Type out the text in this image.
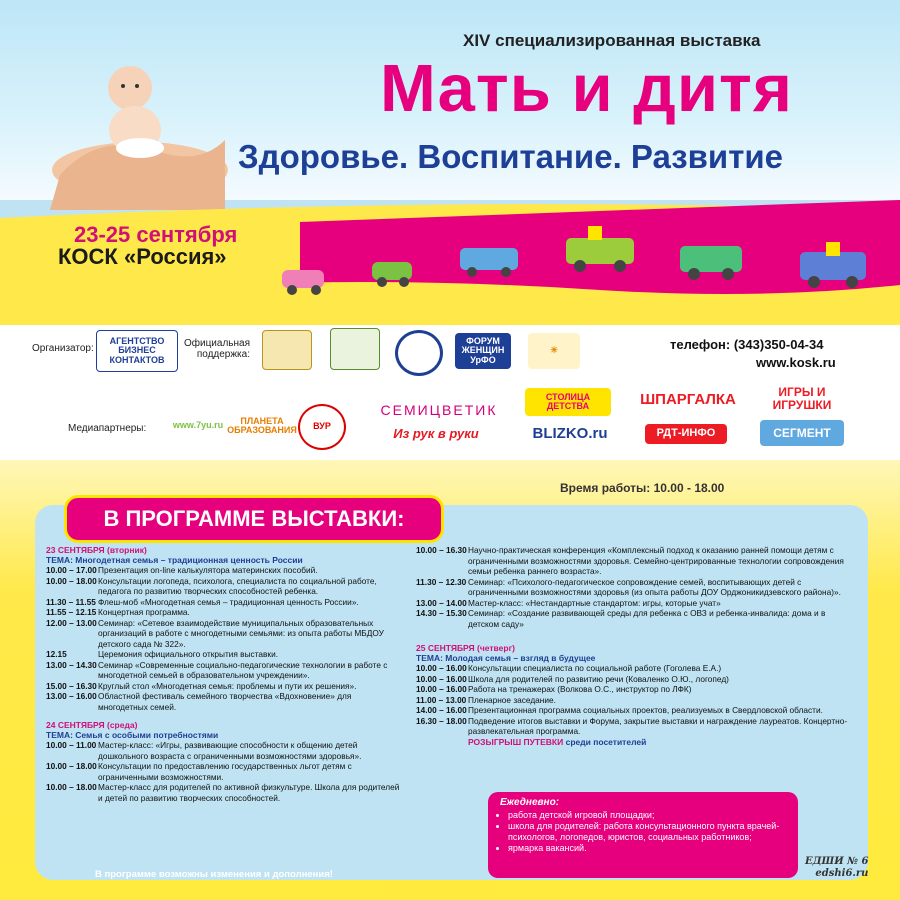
XIV специализированная выставка
Мать и дитя
Здоровье. Воспитание. Развитие
23-25 сентября
КОСК «Россия»
Организатор:
АГЕНТСТВО БИЗНЕС КОНТАКТОВ
Официальная поддержка:
ФОРУМ ЖЕНЩИН УрФО
☀	телефон: (343)350-04-34
www.kosk.ru
Медиапартнеры:	www.7yu.ru	ПЛАНЕТА ОБРАЗОВАНИЯ	ВУР
СЕМИЦВЕТИК
Из рук в руки
СТОЛИЦА ДЕТСТВА
BLIZKO.ru
ШПАРГАЛКА
РДТ-ИНФО
ИГРЫ И ИГРУШКИ
СЕГМЕНТ
Время работы: 10.00 - 18.00
В ПРОГРАММЕ ВЫСТАВКИ:
23 СЕНТЯБРЯ (вторник)
ТЕМА: Многодетная семья – традиционная ценность России
10.00 – 17.00 Презентация on-line калькулятора материнских пособий.
10.00 – 18.00 Консультации логопеда, психолога, специалиста по социальной работе, педагога по развитию творческих способностей ребенка.
11.30 – 11.55 Флеш-моб «Многодетная семья – традиционная ценность России».
11.55 – 12.15 Концертная программа.
12.00 – 13.00 Семинар: «Сетевое взаимодействие муниципальных образовательных организаций в работе с многодетными семьями: из опыта работы МБДОУ детского сада № 322».
12.15	Церемония официального открытия выставки.
13.00 – 14.30 Семинар «Современные социально-педагогические технологии в работе с многодетной семьей в образовательном учреждении».
15.00 – 16.30 Круглый стол «Многодетная семья: проблемы и пути их решения».
13.00 – 16.00 Областной фестиваль семейного творчества «Вдохновение» для многодетных семей.
24 СЕНТЯБРЯ (среда)
ТЕМА: Семья с особыми потребностями
10.00 – 11.00 Мастер-класс: «Игры, развивающие способности к общению детей дошкольного возраста с ограниченными возможностями здоровья».
10.00 – 18.00 Консультации по предоставлению государственных льгот детям с ограниченными возможностями.
10.00 – 18.00 Мастер-класс для родителей по активной физкультуре. Школа для родителей и детей по развитию творческих способностей.
10.00 – 16.30 Научно-практическая конференция «Комплексный подход к оказанию ранней помощи детям с ограниченными возможностями здоровья. Семейно-центрированные технологии сопровождения семьи ребенка раннего возраста».
11.30 – 12.30 Семинар: «Психолого-педагогическое сопровождение семей, воспитывающих детей с ограниченными возможностями здоровья (из опыта работы ДОУ Орджоникидзевского района)».
13.00 – 14.00 Мастер-класс: «Нестандартные стандартом: игры, которые учат»
14.30 – 15.30 Семинар: «Создание развивающей среды для ребенка с ОВЗ и ребенка-инвалида: дома и в детском саду»
25 СЕНТЯБРЯ (четверг)
ТЕМА: Молодая семья – взгляд в будущее
10.00 – 16.00 Консультации специалиста по социальной работе (Гоголева Е.А.)
10.00 – 16.00 Школа для родителей по развитию речи (Коваленко О.Ю., логопед)
10.00 – 16.00 Работа на тренажерах (Волкова О.С., инструктор по ЛФК)
11.00 – 13.00 Пленарное заседание.
14.00 – 16.00 Презентационная программа социальных проектов, реализуемых в Свердловской области.
16.30 – 18.00 Подведение итогов выставки и Форума, закрытие выставки и награждение лауреатов. Концертно-развлекательная программа.
РОЗЫГРЫШ ПУТЕВКИ среди посетителей
Ежедневно:
• работа детской игровой площадки;
• школа для родителей: работа консультационного пункта врачей-психологов, логопедов, юристов, социальных работников;
• ярмарка вакансий.
В программе возможны изменения и дополнения!
ЕДШИ № 6
edshi6.ru
